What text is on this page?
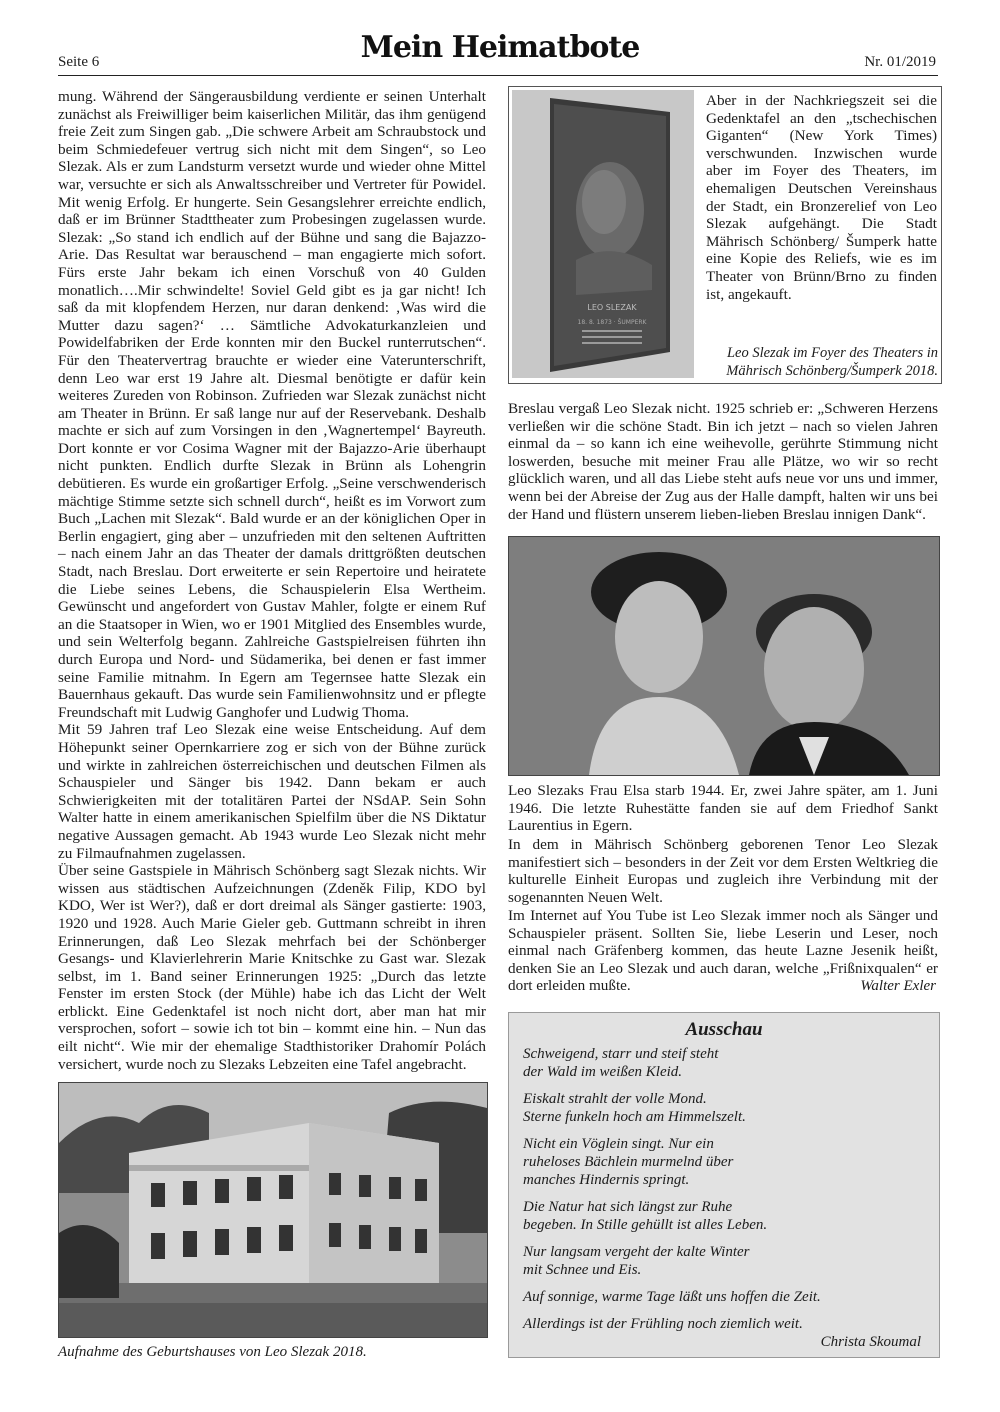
Seite 6	Mein Heimatbote	Nr. 01/2019

mung. Während der Sängerausbildung verdiente er seinen Unterhalt zunächst als Freiwilliger beim kaiserlichen Militär, das ihm genügend freie Zeit zum Singen gab. „Die schwere Arbeit am Schraubstock und beim Schmiedefeuer vertrug sich nicht mit dem Singen“, so Leo Slezak. Als er zum Landsturm versetzt wurde und wieder ohne Mittel war, versuchte er sich als Anwaltsschreiber und Vertreter für Powidel. Mit wenig Erfolg. Er hungerte. Sein Gesangslehrer erreichte endlich, daß er im Brünner Stadttheater zum Probesingen zugelassen wurde. Slezak: „So stand ich endlich auf der Bühne und sang die Bajazzo-Arie. Das Resultat war berauschend – man engagierte mich sofort. Fürs erste Jahr bekam ich einen Vorschuß von 40 Gulden monatlich….Mir schwindelte! Soviel Geld gibt es ja gar nicht! Ich saß da mit klopfendem Herzen, nur daran denkend: ‚Was wird die Mutter dazu sagen?‘ … Sämtliche Advokaturkanzleien und Powidelfabriken der Erde konnten mir den Buckel runterrutschen“. Für den Theatervertrag brauchte er wieder eine Vaterunterschrift, denn Leo war erst 19 Jahre alt. Diesmal benötigte er dafür kein weiteres Zureden von Robinson. Zufrieden war Slezak zunächst nicht am Theater in Brünn. Er saß lange nur auf der Reservebank. Deshalb machte er sich auf zum Vorsingen in den ‚Wagnertempel‘ Bayreuth. Dort konnte er vor Cosima Wagner mit der Bajazzo-Arie überhaupt nicht punkten. Endlich durfte Slezak in Brünn als Lohengrin debütieren. Es wurde ein großartiger Erfolg. „Seine verschwenderisch mächtige Stimme setzte sich schnell durch“, heißt es im Vorwort zum Buch „Lachen mit Slezak“. Bald wurde er an der königlichen Oper in Berlin engagiert, ging aber – unzufrieden mit den seltenen Auftritten – nach einem Jahr an das Theater der damals drittgrößten deutschen Stadt, nach Breslau. Dort erweiterte er sein Repertoire und heiratete die Liebe seines Lebens, die Schauspielerin Elsa Wertheim. Gewünscht und angefordert von Gustav Mahler, folgte er einem Ruf an die Staatsoper in Wien, wo er 1901 Mitglied des Ensembles wurde, und sein Welterfolg begann. Zahlreiche Gastspielreisen führten ihn durch Europa und Nord- und Südamerika, bei denen er fast immer seine Familie mitnahm. In Egern am Tegernsee hatte Slezak ein Bauernhaus gekauft. Das wurde sein Familienwohnsitz und er pflegte Freundschaft mit Ludwig Ganghofer und Ludwig Thoma.

Mit 59 Jahren traf Leo Slezak eine weise Entscheidung. Auf dem Höhepunkt seiner Opernkarriere zog er sich von der Bühne zurück und wirkte in zahlreichen österreichischen und deutschen Filmen als Schauspieler und Sänger bis 1942. Dann bekam er auch Schwierigkeiten mit der totalitären Partei der NSdAP. Sein Sohn Walter hatte in einem amerikanischen Spielfilm über die NS Diktatur negative Aussagen gemacht. Ab 1943 wurde Leo Slezak nicht mehr zu Filmaufnahmen zugelassen.

Über seine Gastspiele in Mährisch Schönberg sagt Slezak nichts. Wir wissen aus städtischen Aufzeichnungen (Zdeněk Filip, KDO byl KDO, Wer ist Wer?), daß er dort dreimal als Sänger gastierte: 1903, 1920 und 1928. Auch Marie Gieler geb. Guttmann schreibt in ihren Erinnerungen, daß Leo Slezak mehrfach bei der Schönberger Gesangs- und Klavierlehrerin Marie Knitschke zu Gast war. Slezak selbst, im 1. Band seiner Erinnerungen 1925: „Durch das letzte Fenster im ersten Stock (der Mühle) habe ich das Licht der Welt erblickt. Eine Gedenktafel ist noch nicht dort, aber man hat mir versprochen, sofort – sowie ich tot bin – kommt eine hin. – Nun das eilt nicht“. Wie mir der ehemalige Stadthistoriker Drahomír Polách versichert, wurde noch zu Slezaks Lebzeiten eine Tafel angebracht.

Aufnahme des Geburtshauses von Leo Slezak 2018.
LEO SLEZAK
18. 8. 1873 · ŠUMPERK
Aber in der Nachkriegszeit sei die Gedenktafel an den „tschechischen Giganten“ (New York Times) verschwunden. Inzwischen wurde aber im Foyer des Theaters, im ehemaligen Deutschen Vereinshaus der Stadt, ein Bronzerelief von Leo Slezak aufgehängt. Die Stadt Mährisch Schönberg/ Šumperk hatte eine Kopie des Reliefs, wie es im Theater von Brünn/Brno zu finden ist, angekauft.
Leo Slezak im Foyer des Theaters in Mährisch Schönberg/Šumperk 2018.
Breslau vergaß Leo Slezak nicht. 1925 schrieb er: „Schweren Herzens verließen wir die schöne Stadt. Bin ich jetzt – nach so vielen Jahren einmal da – so kann ich eine weihevolle, gerührte Stimmung nicht loswerden, besuche mit meiner Frau alle Plätze, wo wir so recht glücklich waren, und all das Liebe steht aufs neue vor uns und immer, wenn bei der Abreise der Zug aus der Halle dampft, halten wir uns bei der Hand und flüstern unserem lieben-lieben Breslau innigen Dank“.
Leo Slezaks Frau Elsa starb 1944. Er, zwei Jahre später, am 1. Juni 1946. Die letzte Ruhestätte fanden sie auf dem Friedhof Sankt Laurentius in Egern.
In dem in Mährisch Schönberg geborenen Tenor Leo Slezak manifestiert sich – besonders in der Zeit vor dem Ersten Weltkrieg die kulturelle Einheit Europas und zugleich ihre Verbindung mit der sogenannten Neuen Welt.
Im Internet auf You Tube ist Leo Slezak immer noch als Sänger und Schauspieler präsent. Sollten Sie, liebe Leserin und Leser, noch einmal nach Gräfenberg kommen, das heute Lazne Jesenik heißt, denken Sie an Leo Slezak und auch daran, welche „Frißnixqualen“ er dort erleiden mußte.	Walter Exler
Ausschau
Schweigend, starr und steif steht
der Wald im weißen Kleid.
Eiskalt strahlt der volle Mond.
Sterne funkeln hoch am Himmelszelt.
Nicht ein Vöglein singt. Nur ein
ruheloses Bächlein murmelnd über
manches Hindernis springt.
Die Natur hat sich längst zur Ruhe
begeben. In Stille gehüllt ist alles Leben.
Nur langsam vergeht der kalte Winter
mit Schnee und Eis.
Auf sonnige, warme Tage läßt uns hoffen die Zeit.
Allerdings ist der Frühling noch ziemlich weit.
Christa Skoumal
